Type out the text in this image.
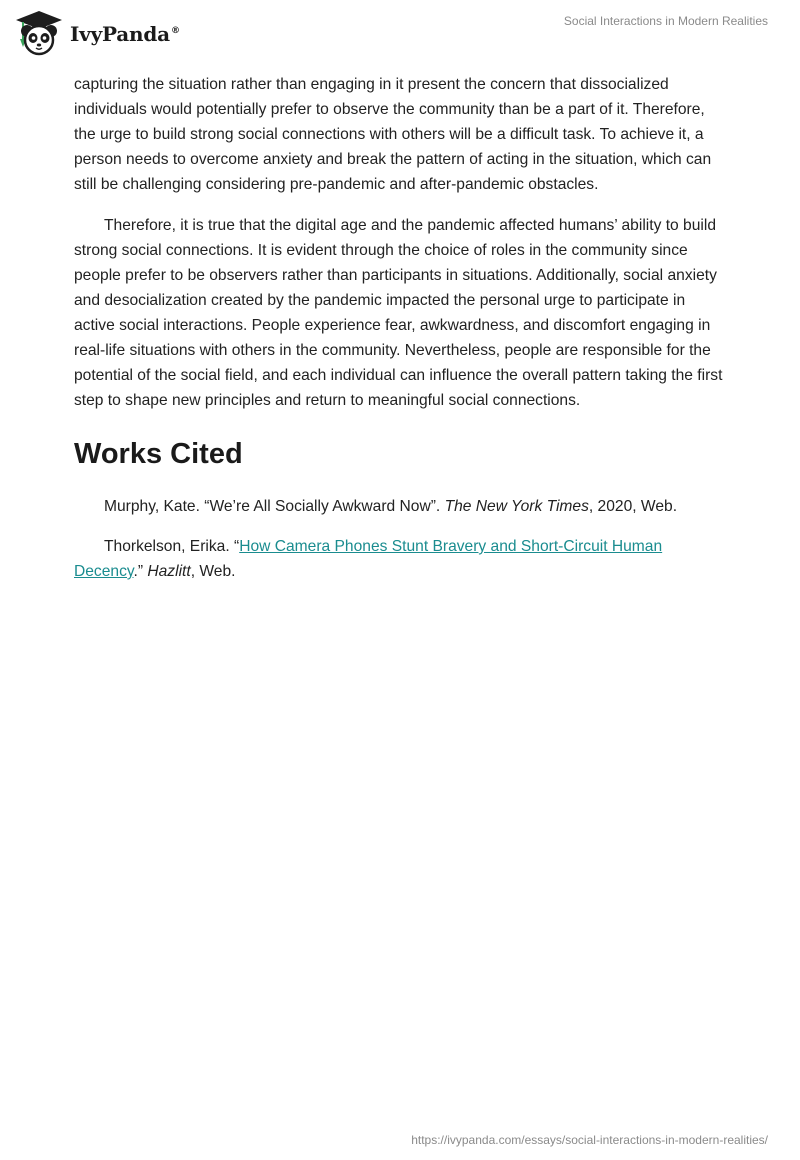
IvyPanda®
Social Interactions in Modern Realities

capturing the situation rather than engaging in it present the concern that dissocialized individuals would potentially prefer to observe the community than be a part of it. Therefore, the urge to build strong social connections with others will be a difficult task. To achieve it, a person needs to overcome anxiety and break the pattern of acting in the situation, which can still be challenging considering pre-pandemic and after-pandemic obstacles.

Therefore, it is true that the digital age and the pandemic affected humans’ ability to build strong social connections. It is evident through the choice of roles in the community since people prefer to be observers rather than participants in situations. Additionally, social anxiety and desocialization created by the pandemic impacted the personal urge to participate in active social interactions. People experience fear, awkwardness, and discomfort engaging in real-life situations with others in the community. Nevertheless, people are responsible for the potential of the social field, and each individual can influence the overall pattern taking the first step to shape new principles and return to meaningful social connections.

Works Cited

Murphy, Kate. “We’re All Socially Awkward Now”. The New York Times, 2020, Web.

Thorkelson, Erika. “How Camera Phones Stunt Bravery and Short-Circuit Human Decency.” Hazlitt, Web.

https://ivypanda.com/essays/social-interactions-in-modern-realities/
